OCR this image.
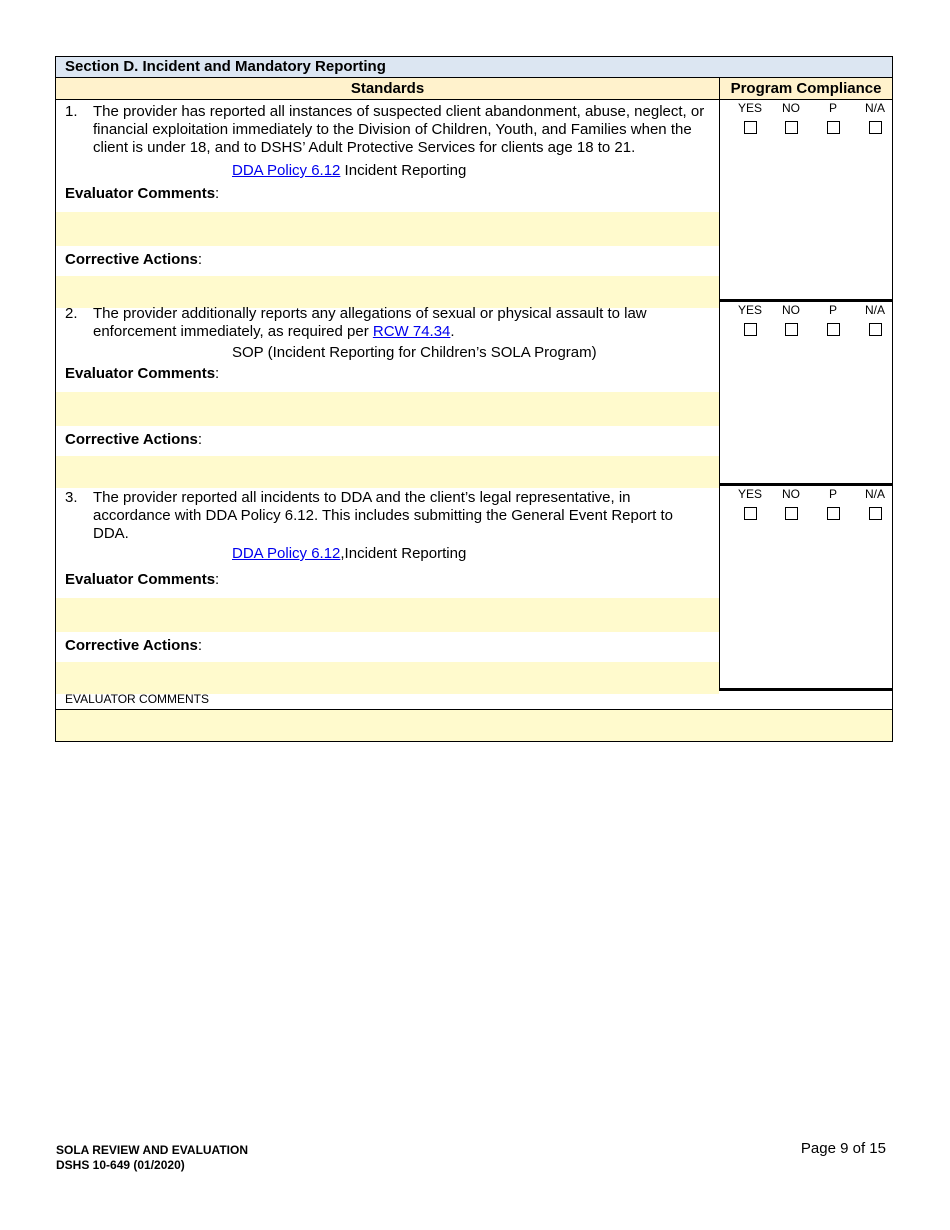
Section D. Incident and Mandatory Reporting
Standards	Program Compliance
1.	The provider has reported all instances of suspected client abandonment, abuse, neglect, or financial exploitation immediately to the Division of Children, Youth, and Families when the client is under 18, and to DSHS’ Adult Protective Services for clients age 18 to 21.
DDA Policy 6.12 Incident Reporting
Evaluator Comments:
Corrective Actions:
YES	NO	P	N/A
2.	The provider additionally reports any allegations of sexual or physical assault to law enforcement immediately, as required per RCW 74.34.
SOP (Incident Reporting for Children’s SOLA Program)
Evaluator Comments:
Corrective Actions:
YES	NO	P	N/A
3.	The provider reported all incidents to DDA and the client’s legal representative, in accordance with DDA Policy 6.12. This includes submitting the General Event Report to DDA.
DDA Policy 6.12,Incident Reporting
Evaluator Comments:
Corrective Actions:
YES	NO	P	N/A
EVALUATOR COMMENTS
SOLA REVIEW AND EVALUATION
DSHS 10-649 (01/2020)
Page 9 of 15
